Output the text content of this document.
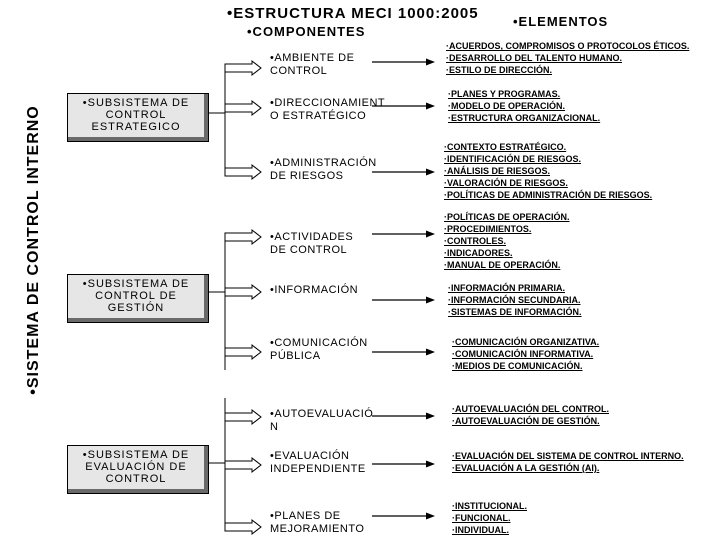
•ESTRUCTURA MECI 1000:2005
•COMPONENTES
•ELEMENTOS
•SISTEMA DE CONTROL INTERNO
•SUBSISTEMA DE CONTROL ESTRATEGICO
•SUBSISTEMA DE CONTROL DE GESTIÓN
•SUBSISTEMA DE EVALUACIÓN DE CONTROL
•AMBIENTE DE CONTROL
•DIRECCIONAMIENT O ESTRATÉGICO
•ADMINISTRACIÓN DE RIESGOS
•ACTIVIDADES DE CONTROL
•INFORMACIÓN
•COMUNICACIÓN PÚBLICA
•AUTOEVALUACIÓ N
•EVALUACIÓN INDEPENDIENTE
•PLANES DE MEJORAMIENTO
·ACUERDOS, COMPROMISOS O PROTOCOLOS ÉTICOS.
·DESARROLLO DEL TALENTO HUMANO.
·ESTILO DE DIRECCIÓN.
·PLANES Y PROGRAMAS.
·MODELO DE OPERACIÓN.
·ESTRUCTURA ORGANIZACIONAL.
·CONTEXTO ESTRATÉGICO.
·IDENTIFICACIÓN DE RIESGOS.
·ANÁLISIS DE RIESGOS.
·VALORACIÓN DE RIESGOS.
·POLÍTICAS DE ADMINISTRACIÓN DE RIESGOS.
·POLÍTICAS DE OPERACIÓN.
·PROCEDIMIENTOS.
·CONTROLES.
·INDICADORES.
·MANUAL DE OPERACIÓN.
·INFORMACIÓN PRIMARIA.
·INFORMACIÓN SECUNDARIA.
·SISTEMAS DE INFORMACIÓN.
·COMUNICACIÓN ORGANIZATIVA.
·COMUNICACIÓN INFORMATIVA.
·MEDIOS DE COMUNICACIÓN.
·AUTOEVALUACIÓN DEL CONTROL.
·AUTOEVALUACIÓN DE GESTIÓN.
·EVALUACIÓN DEL SISTEMA DE CONTROL INTERNO.
·EVALUACIÓN A LA GESTIÓN (AI).
·INSTITUCIONAL.
·FUNCIONAL.
·INDIVIDUAL.
